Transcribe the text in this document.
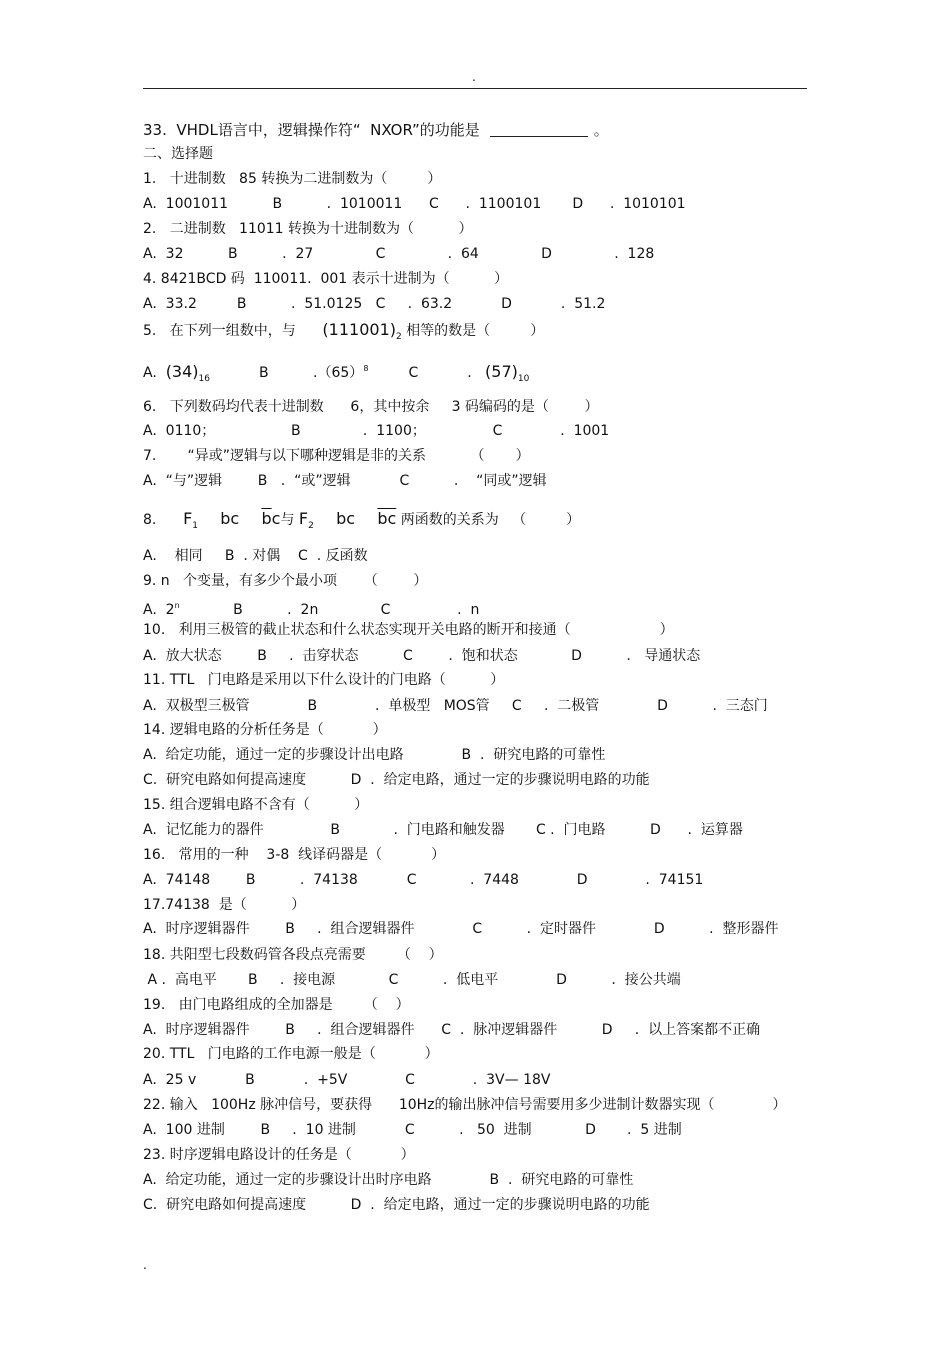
.
33.  VHDL语言中，逻辑操作符“  NXOR”的功能是	。
二、选择题
1.   十进制数   85 转换为二进制数为（         ）
A.  1001011          B          .  1010011      C      .  1100101       D      .  1010101
2.   二进制数   11011 转换为十进制数为（          ）
A.  32          B          .  27              C              .  64              D              .  128
4. 8421BCD 码  110011.  001 表示十进制为（          ）
A.  33.2         B          .  51.0125   C     .  63.2           D           .  51.2
5.   在下列一组数中，与 $(111001)_2$ 相等的数是（         ）
A. $(34)_{16}$	B          $.(65)^8$	C           . $(57)_{10}$
6.   下列数码均代表十进制数      6，其中按余     3 码编码的是（        ）
A.  0110；                 B              .  1100；               C             .  1001
7.       “异或”逻辑与以下哪种逻辑是非的关系          （       ）
A.  “与”逻辑        B   .  “或”逻辑           C          .    “同或”逻辑
8. $F_1$ bc $\overline{b}c$与 $F_2$ bc $\overline{bc}$ 两函数的关系为   （         ）
A.    相同     B  . 对偶    C  . 反函数
9. n   个变量，有多少个最小项      （        ）
A.  2$^n$	B          .  2n              C               .  n
10.   利用三极管的截止状态和什么状态实现开关电路的断开和接通（                    ）
A.  放大状态        B     .  击穿状态          C        .  饱和状态            D          .   导通状态
11. TTL   门电路是采用以下什么设计的门电路（          ）
A.  双极型三极管             B             .  单极型   MOS管     C     .  二极管             D          .  三态门
14. 逻辑电路的分析任务是（           ）
A.  给定功能，通过一定的步骤设计出电路             B  .  研究电路的可靠性
C.  研究电路如何提高速度          D  .  给定电路，通过一定的步骤说明电路的功能
15. 组合逻辑电路不含有（          ）
A.  记忆能力的器件               B            .  门电路和触发器       C .  门电路          D      .  运算器
16.   常用的一种    3-8  线译码器是（           ）
A.  74148        B          .  74138           C            .  7448             D             .  74151
17.74138  是（          ）
A.  时序逻辑器件        B     .  组合逻辑器件             C          .  定时器件             D          .  整形器件
18. 共阳型七段数码管各段点亮需要       （    ）
A .  高电平       B     .  接电源            C          .  低电平             D          .  接公共端
19.   由门电路组成的全加器是       （    ）
A.  时序逻辑器件        B     .  组合逻辑器件      C  .  脉冲逻辑器件          D     .  以上答案都不正确
20. TTL   门电路的工作电源一般是（           ）
A.  25 v           B           .  +5V             C             .  3V— 18V
22. 输入   100Hz 脉冲信号，要获得      10Hz的输出脉冲信号需要用多少进制计数器实现（             ）
A.  100 进制        B     .  10 进制           C          .   50  进制            D       .  5 进制
23. 时序逻辑电路设计的任务是（           ）
A.  给定功能，通过一定的步骤设计出时序电路             B  .  研究电路的可靠性
C.  研究电路如何提高速度          D  .  给定电路，通过一定的步骤说明电路的功能
.
